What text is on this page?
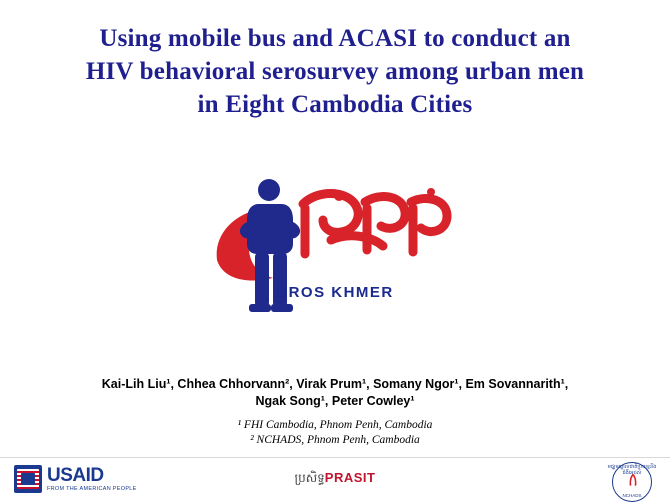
Using mobile bus and ACASI to conduct an
HIV behavioral serosurvey among urban men
in Eight Cambodia Cities
BROS KHMER
Kai-Lih Liu¹, Chhea Chhorvann², Virak Prum¹, Somany Ngor¹, Em Sovannarith¹,
Ngak Song¹, Peter Cowley¹
¹ FHI Cambodia, Phnom Penh, Cambodia
² NCHADS, Phnom Penh, Cambodia
USAID
FROM THE AMERICAN PEOPLE
ប្រសិទ្ធPRASIT
មជ្ឈមណ្ឌលជាតិប្រយុទ្ធនឹងជំងឺអេដស៍
NCHADS
